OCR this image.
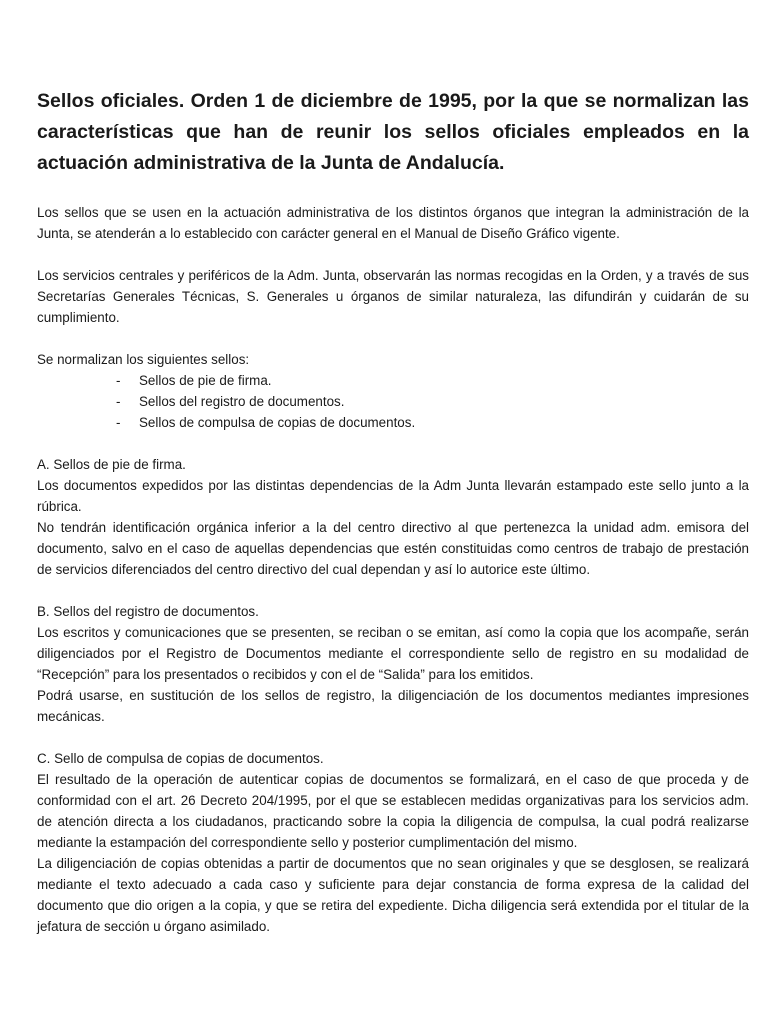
Sellos oficiales. Orden 1 de diciembre de 1995, por la que se normalizan las características que han de reunir los sellos oficiales empleados en la actuación administrativa de la Junta de Andalucía.

Los sellos que se usen en la actuación administrativa de los distintos órganos que integran la administración de la Junta, se atenderán a lo establecido con carácter general en el Manual de Diseño Gráfico vigente.

Los servicios centrales y periféricos de la Adm. Junta, observarán las normas recogidas en la Orden, y a través de sus Secretarías Generales Técnicas, S. Generales u órganos de similar naturaleza, las difundirán y cuidarán de su cumplimiento.

Se normalizan los siguientes sellos:

- Sellos de pie de firma.
- Sellos del registro de documentos.
- Sellos de compulsa de copias de documentos.

A. Sellos de pie de firma.

Los documentos expedidos por las distintas dependencias de la Adm Junta llevarán estampado este sello junto a la rúbrica.

No tendrán identificación orgánica inferior a la del centro directivo al que pertenezca la unidad adm. emisora del documento, salvo en el caso de aquellas dependencias que estén constituidas como centros de trabajo de prestación de servicios diferenciados del centro directivo del cual dependan y así lo autorice este último.

B. Sellos del registro de documentos.

Los escritos y comunicaciones que se presenten, se reciban o se emitan, así como la copia que los acompañe, serán diligenciados por el Registro de Documentos mediante el correspondiente sello de registro en su modalidad de “Recepción” para los presentados o recibidos y con el de “Salida” para los emitidos.

Podrá usarse, en sustitución de los sellos de registro, la diligenciación de los documentos mediantes impresiones mecánicas.

C. Sello de compulsa de copias de documentos.

El resultado de la operación de autenticar copias de documentos se formalizará, en el caso de que proceda y de conformidad con el art. 26 Decreto 204/1995, por el que se establecen medidas organizativas para los servicios adm. de atención directa a los ciudadanos, practicando sobre la copia la diligencia de compulsa, la cual podrá realizarse mediante la estampación del correspondiente sello y posterior cumplimentación del mismo.

La diligenciación de copias obtenidas a partir de documentos que no sean originales y que se desglosen, se realizará mediante el texto adecuado a cada caso y suficiente para dejar constancia de forma expresa de la calidad del documento que dio origen a la copia, y que se retira del expediente. Dicha diligencia será extendida por el titular de la jefatura de sección u órgano asimilado.
